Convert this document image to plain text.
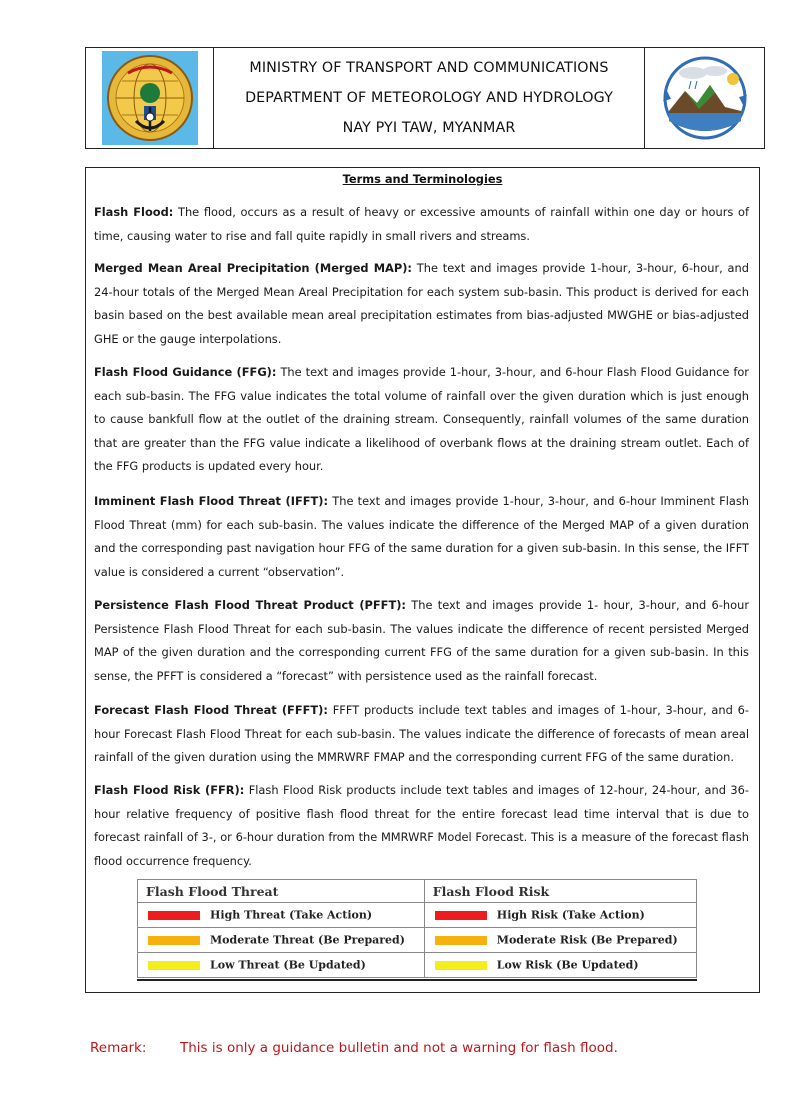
MINISTRY OF TRANSPORT AND COMMUNICATIONS
DEPARTMENT OF METEOROLOGY AND HYDROLOGY
NAY PYI TAW, MYANMAR
Terms and Terminologies
Flash Flood: The flood, occurs as a result of heavy or excessive amounts of rainfall within one day or hours of time, causing water to rise and fall quite rapidly in small rivers and streams.
Merged Mean Areal Precipitation (Merged MAP): The text and images provide 1-hour, 3-hour, 6-hour, and 24-hour totals of the Merged Mean Areal Precipitation for each system sub-basin. This product is derived for each basin based on the best available mean areal precipitation estimates from bias-adjusted MWGHE or bias-adjusted GHE or the gauge interpolations.
Flash Flood Guidance (FFG): The text and images provide 1-hour, 3-hour, and 6-hour Flash Flood Guidance for each sub-basin. The FFG value indicates the total volume of rainfall over the given duration which is just enough to cause bankfull flow at the outlet of the draining stream. Consequently, rainfall volumes of the same duration that are greater than the FFG value indicate a likelihood of overbank flows at the draining stream outlet. Each of the FFG products is updated every hour.
Imminent Flash Flood Threat (IFFT): The text and images provide 1-hour, 3-hour, and 6-hour Imminent Flash Flood Threat (mm) for each sub-basin. The values indicate the difference of the Merged MAP of a given duration and the corresponding past navigation hour FFG of the same duration for a given sub-basin. In this sense, the IFFT value is considered a current “observation”.
Persistence Flash Flood Threat Product (PFFT): The text and images provide 1- hour, 3-hour, and 6-hour Persistence Flash Flood Threat for each sub-basin. The values indicate the difference of recent persisted Merged MAP of the given duration and the corresponding current FFG of the same duration for a given sub-basin. In this sense, the PFFT is considered a “forecast” with persistence used as the rainfall forecast.
Forecast Flash Flood Threat (FFFT): FFFT products include text tables and images of 1-hour, 3-hour, and 6-hour Forecast Flash Flood Threat for each sub-basin. The values indicate the difference of forecasts of mean areal rainfall of the given duration using the MMRWRF FMAP and the corresponding current FFG of the same duration.
Flash Flood Risk (FFR): Flash Flood Risk products include text tables and images of 12-hour, 24-hour, and 36-hour relative frequency of positive flash flood threat for the entire forecast lead time interval that is due to forecast rainfall of 3-, or 6-hour duration from the MMRWRF Model Forecast. This is a measure of the forecast flash flood occurrence frequency.
Flash Flood Threat	Flash Flood Risk
High Threat (Take Action)	High Risk (Take Action)
Moderate Threat (Be Prepared)	Moderate Risk (Be Prepared)
Low Threat (Be Updated)	Low Risk (Be Updated)
Remark: This is only a guidance bulletin and not a warning for flash flood.
